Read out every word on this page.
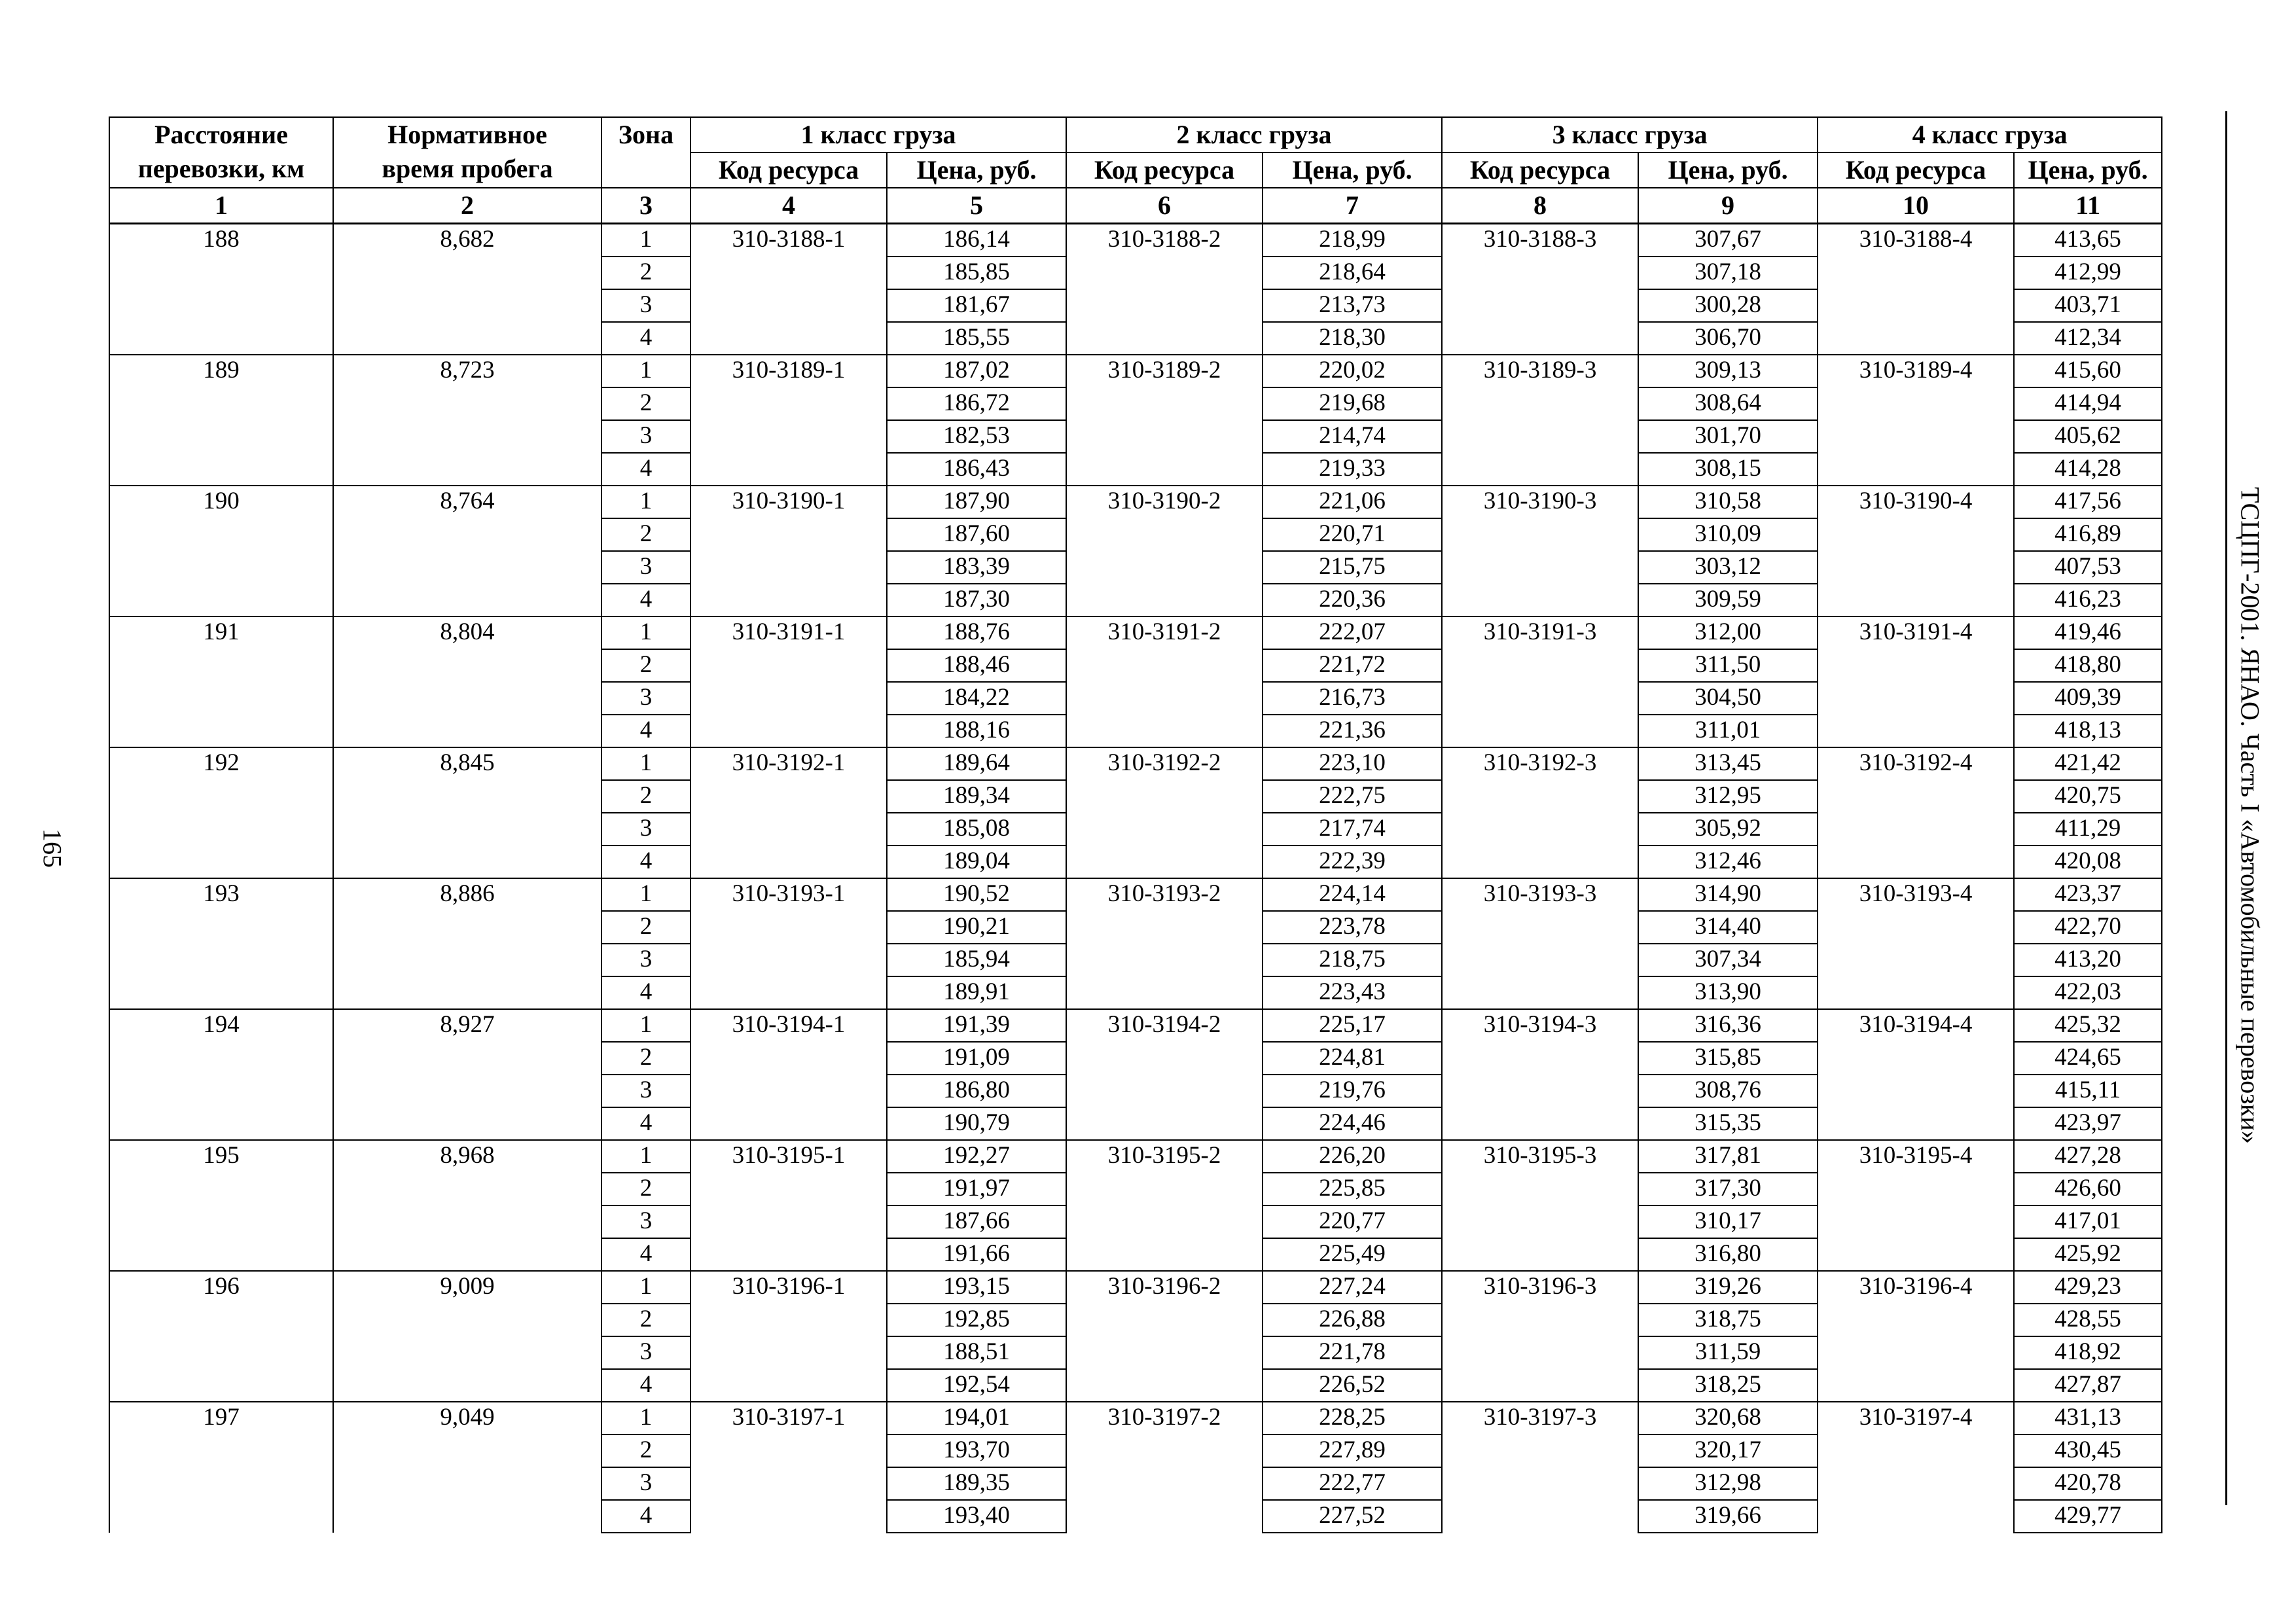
ТСЦПГ-2001. ЯНАО. Часть I «Автомобильные перевозки»
165
Расстояние перевозки, км	Нормативное время пробега	Зона	1 класс груза		2 класс груза		3 класс груза		4 класс груза	
			Код ресурса	Цена, руб.	Код ресурса	Цена, руб.	Код ресурса	Цена, руб.	Код ресурса	Цена, руб.
1	2	3	4	5	6	7	8	9	10	11
188	8,682	1	310-3188-1	186,14	310-3188-2	218,99	310-3188-3	307,67	310-3188-4	413,65
		2		185,85		218,64		307,18		412,99
		3		181,67		213,73		300,28		403,71
		4		185,55		218,30		306,70		412,34
189	8,723	1	310-3189-1	187,02	310-3189-2	220,02	310-3189-3	309,13	310-3189-4	415,60
		2		186,72		219,68		308,64		414,94
		3		182,53		214,74		301,70		405,62
		4		186,43		219,33		308,15		414,28
190	8,764	1	310-3190-1	187,90	310-3190-2	221,06	310-3190-3	310,58	310-3190-4	417,56
		2		187,60		220,71		310,09		416,89
		3		183,39		215,75		303,12		407,53
		4		187,30		220,36		309,59		416,23
191	8,804	1	310-3191-1	188,76	310-3191-2	222,07	310-3191-3	312,00	310-3191-4	419,46
		2		188,46		221,72		311,50		418,80
		3		184,22		216,73		304,50		409,39
		4		188,16		221,36		311,01		418,13
192	8,845	1	310-3192-1	189,64	310-3192-2	223,10	310-3192-3	313,45	310-3192-4	421,42
		2		189,34		222,75		312,95		420,75
		3		185,08		217,74		305,92		411,29
		4		189,04		222,39		312,46		420,08
193	8,886	1	310-3193-1	190,52	310-3193-2	224,14	310-3193-3	314,90	310-3193-4	423,37
		2		190,21		223,78		314,40		422,70
		3		185,94		218,75		307,34		413,20
		4		189,91		223,43		313,90		422,03
194	8,927	1	310-3194-1	191,39	310-3194-2	225,17	310-3194-3	316,36	310-3194-4	425,32
		2		191,09		224,81		315,85		424,65
		3		186,80		219,76		308,76		415,11
		4		190,79		224,46		315,35		423,97
195	8,968	1	310-3195-1	192,27	310-3195-2	226,20	310-3195-3	317,81	310-3195-4	427,28
		2		191,97		225,85		317,30		426,60
		3		187,66		220,77		310,17		417,01
		4		191,66		225,49		316,80		425,92
196	9,009	1	310-3196-1	193,15	310-3196-2	227,24	310-3196-3	319,26	310-3196-4	429,23
		2		192,85		226,88		318,75		428,55
		3		188,51		221,78		311,59		418,92
		4		192,54		226,52		318,25		427,87
197	9,049	1	310-3197-1	194,01	310-3197-2	228,25	310-3197-3	320,68	310-3197-4	431,13
		2		193,70		227,89		320,17		430,45
		3		189,35		222,77		312,98		420,78
		4		193,40		227,52		319,66		429,77
